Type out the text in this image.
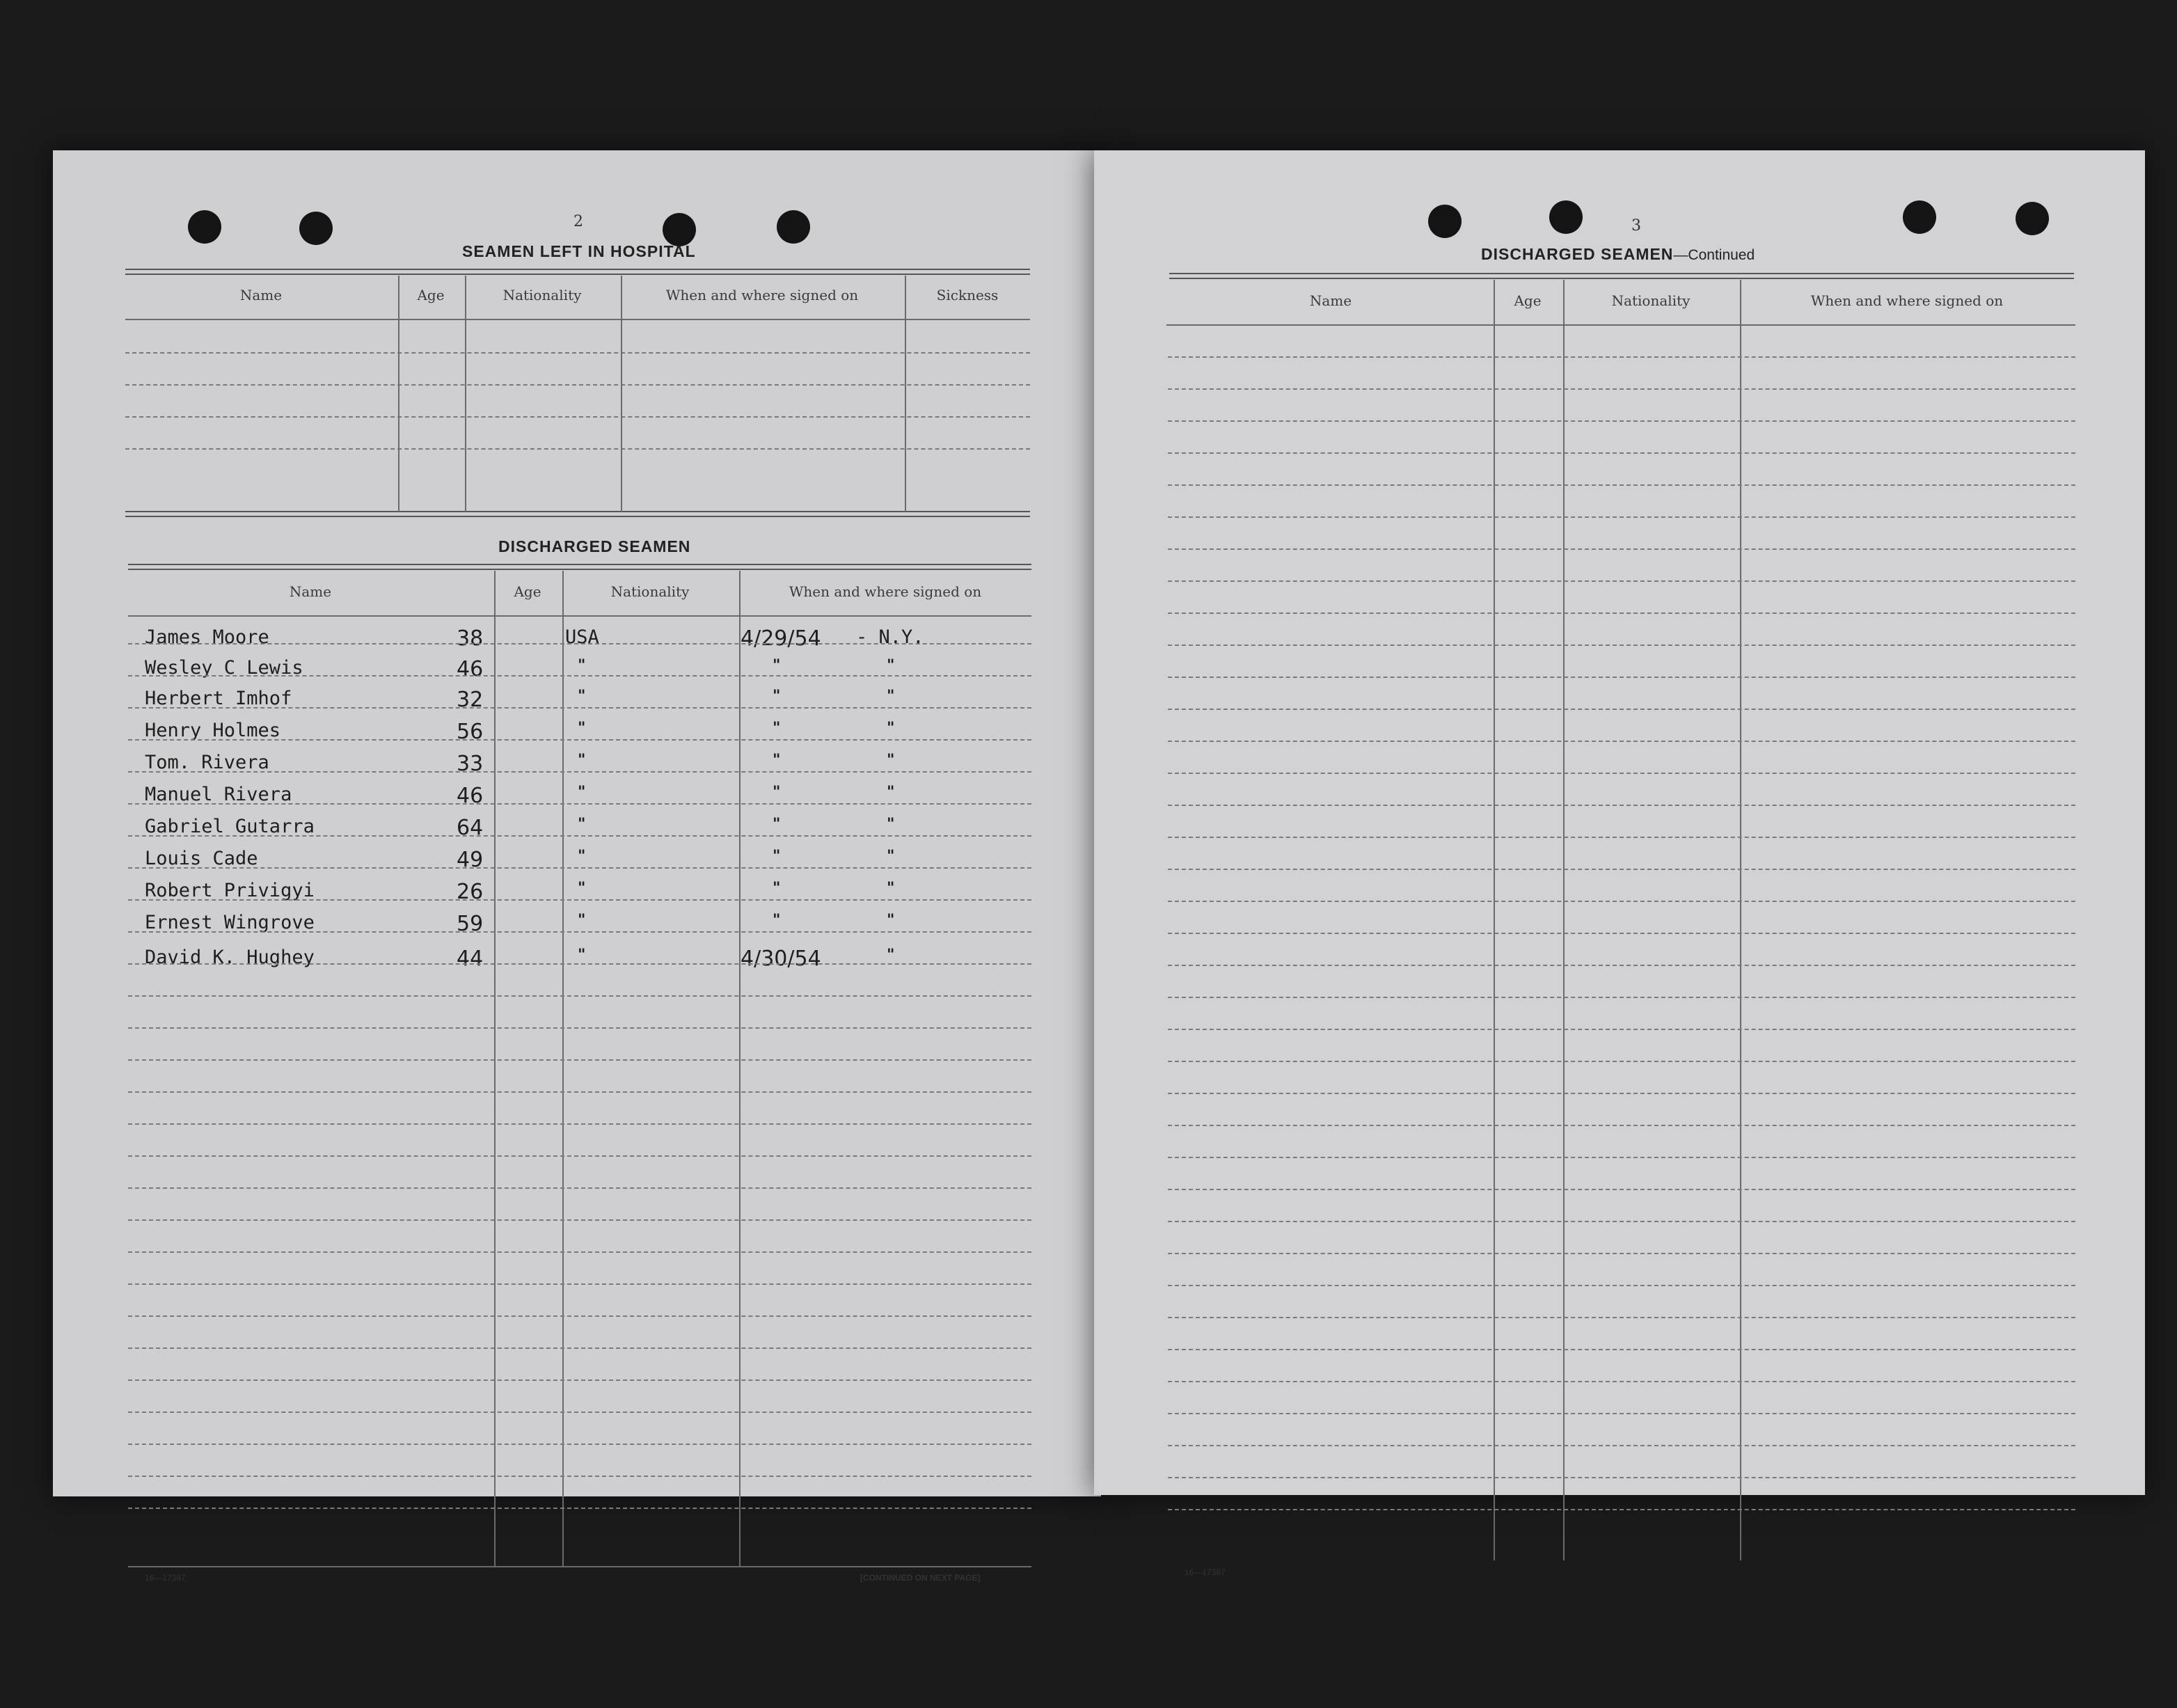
2
SEAMEN LEFT IN HOSPITAL
Name	Age	Nationality	When and where signed on	Sickness
DISCHARGED SEAMEN
Name	Age	Nationality	When and where signed on
James Moore	38	USA	4/29/54 - N.Y.
Wesley C Lewis	46	"	"	"
Herbert Imhof	32	"	"	"
Henry Holmes	56	"	"	"
Tom. Rivera	33	"	"	"
Manuel Rivera	46	"	"	"
Gabriel Gutarra	64	"	"	"
Louis Cade	49	"	"	"
Robert Privigyi	26	"	"	"
Ernest Wingrove	59	"	"	"
David K. Hughey	44	"	4/30/54	"
16—17387	[CONTINUED ON NEXT PAGE]
3
DISCHARGED SEAMEN—Continued
Name	Age	Nationality	When and where signed on
16—17387
